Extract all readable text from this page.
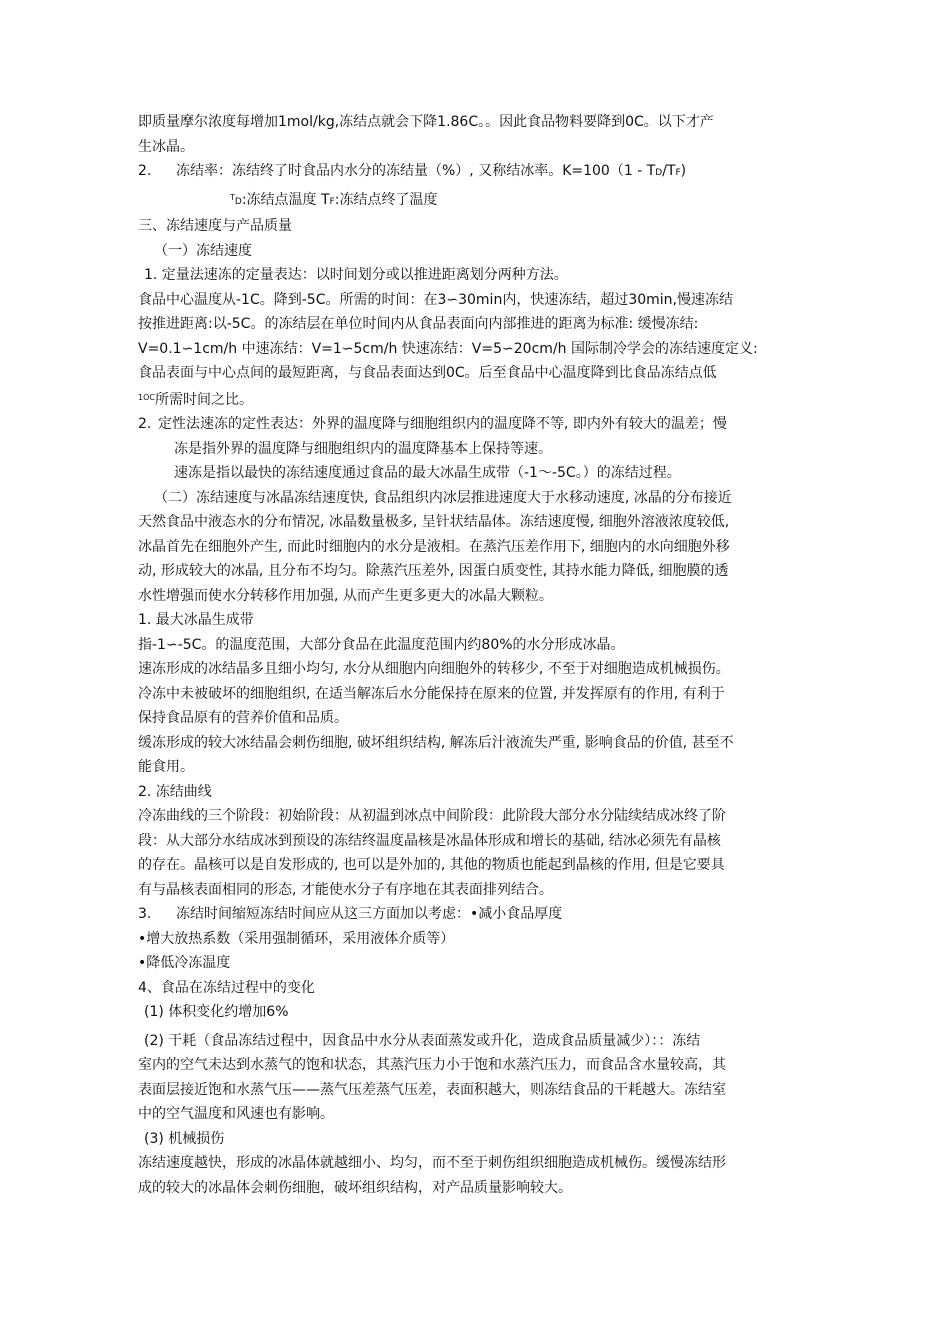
即质量摩尔浓度每增加1mol/kg,冻结点就会下降1.86C。。因此食品物料要降到0C。以下才产

生冰晶。

2. 冻结率：冻结终了时食品内水分的冻结量（%）, 又称结冰率。K=100（1 - TD/TF)

$^T$D:冻结点温度 TF:冻结点终了温度

三、冻结速度与产品质量

（一）冻结速度

1. 定量法速冻的定量表达：以时间划分或以推进距离划分两种方法。

食品中心温度从-1C。降到-5C。所需的时间：在3∽30min内，快速冻结，超过30min,慢速冻结

按推进距离:以-5C。的冻结层在单位时间内从食品表面向内部推进的距离为标准: 缓慢冻结:

V=0.1∽1cm/h 中速冻结：V=1∽5cm/h 快速冻结：V=5∽20cm/h 国际制冷学会的冻结速度定义:

食品表面与中心点间的最短距离，与食品表面达到0C。后至食品中心温度降到比食品冻结点低

$^{1OC}$所需时间之比。

2. 定性法速冻的定性表达：外界的温度降与细胞组织内的温度降不等, 即内外有较大的温差；慢

冻是指外界的温度降与细胞组织内的温度降基本上保持等速。

速冻是指以最快的冻结速度通过食品的最大冰晶生成带（-1～-5C。）的冻结过程。

（二）冻结速度与冰晶冻结速度快, 食品组织内冰层推进速度大于水移动速度, 冰晶的分布接近

天然食品中液态水的分布情况, 冰晶数量极多, 呈针状结晶体。冻结速度慢, 细胞外溶液浓度较低,

冰晶首先在细胞外产生, 而此时细胞内的水分是液相。在蒸汽压差作用下, 细胞内的水向细胞外移

动, 形成较大的冰晶, 且分布不均匀。除蒸汽压差外, 因蛋白质变性, 其持水能力降低, 细胞膜的透

水性增强而使水分转移作用加强, 从而产生更多更大的冰晶大颗粒。

1. 最大冰晶生成带

指-1∽-5C。的温度范围，大部分食品在此温度范围内约80%的水分形成冰晶。

速冻形成的冰结晶多且细小均匀, 水分从细胞内向细胞外的转移少, 不至于对细胞造成机械损伤。

冷冻中未被破坏的细胞组织, 在适当解冻后水分能保持在原来的位置, 并发挥原有的作用, 有利于

保持食品原有的营养价值和品质。

缓冻形成的较大冰结晶会刺伤细胞, 破坏组织结构, 解冻后汁液流失严重, 影响食品的价值, 甚至不

能食用。

2. 冻结曲线

冷冻曲线的三个阶段：初始阶段：从初温到冰点中间阶段：此阶段大部分水分陆续结成冰终了阶

段：从大部分水结成冰到预设的冻结终温度晶核是冰晶体形成和增长的基础, 结冰必须先有晶核

的存在。晶核可以是自发形成的, 也可以是外加的, 其他的物质也能起到晶核的作用, 但是它要具

有与晶核表面相同的形态, 才能使水分子有序地在其表面排列结合。

3. 冻结时间缩短冻结时间应从这三方面加以考虑：•减小食品厚度

•增大放热系数（采用强制循环，采用液体介质等）

•降低冷冻温度

4、食品在冻结过程中的变化

(1) 体积变化约增加6%

(2) 干耗（食品冻结过程中，因食品中水分从表面蒸发或升化，造成食品质量减少）：：冻结

室内的空气未达到水蒸气的饱和状态，其蒸汽压力小于饱和水蒸汽压力，而食品含水量较高，其

表面层接近饱和水蒸气压——蒸气压差蒸气压差，表面积越大，则冻结食品的干耗越大。冻结室

中的空气温度和风速也有影响。

(3) 机械损伤

冻结速度越快，形成的冰晶体就越细小、均匀，而不至于刺伤组织细胞造成机械伤。缓慢冻结形

成的较大的冰晶体会刺伤细胞，破坏组织结构，对产品质量影响较大。
